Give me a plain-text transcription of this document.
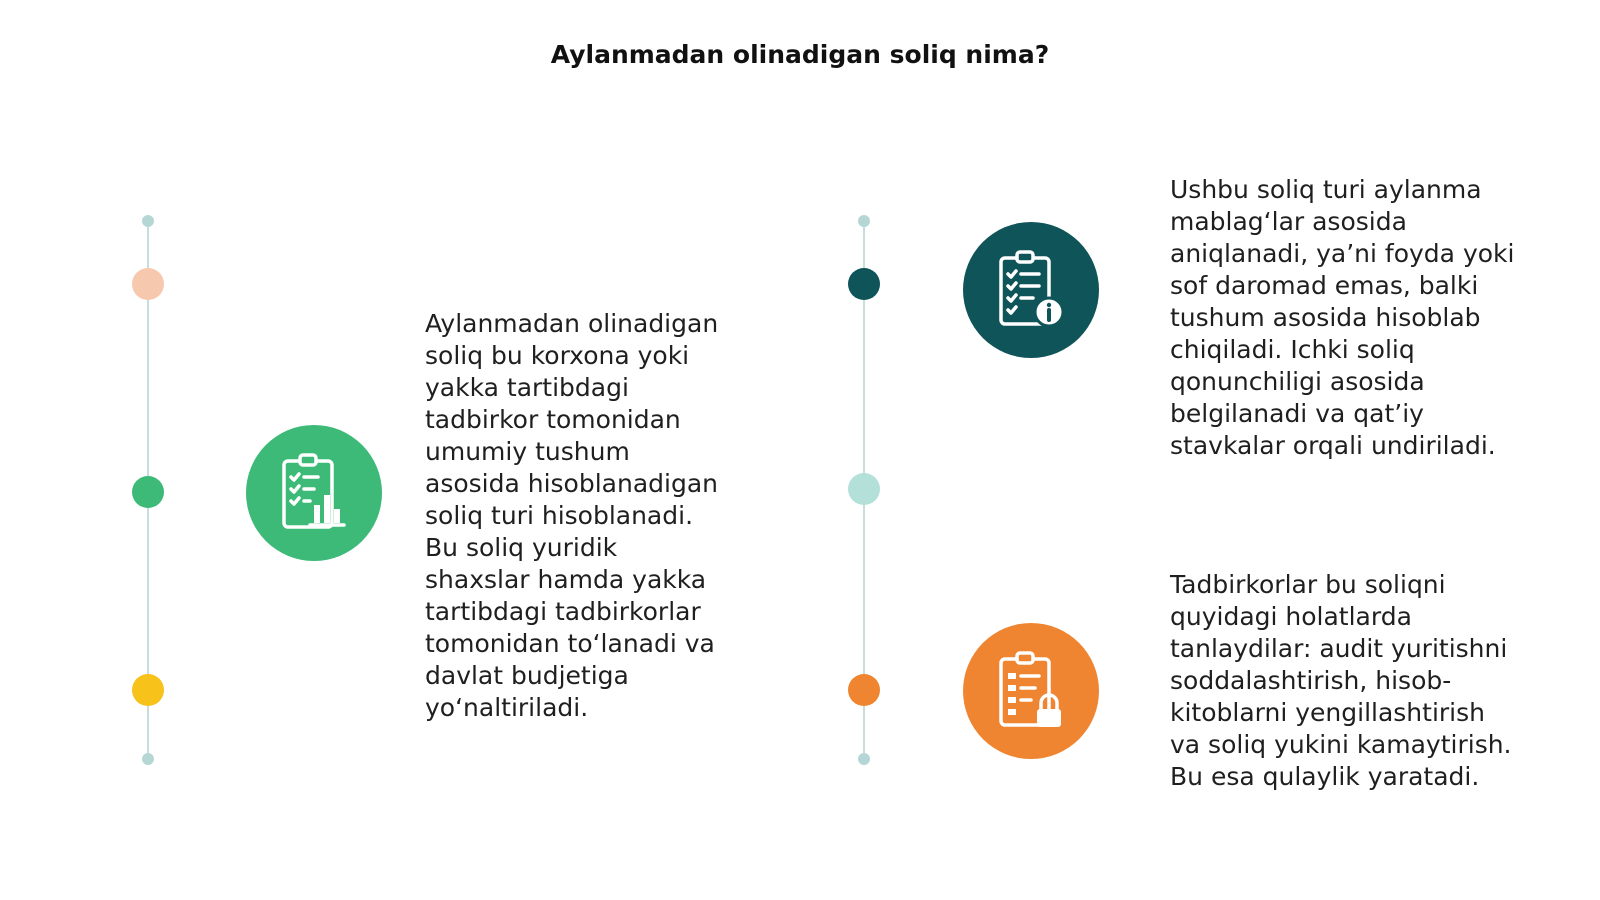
Aylanmadan olinadigan soliq nima?
Aylanmadan olinadigan
soliq bu korxona yoki
yakka tartibdagi
tadbirkor tomonidan
umumiy tushum
asosida hisoblanadigan
soliq turi hisoblanadi.
Bu soliq yuridik
shaxslar hamda yakka
tartibdagi tadbirkorlar
tomonidan to‘lanadi va
davlat budjetiga
yo‘naltiriladi.
Ushbu soliq turi aylanma
mablag‘lar asosida
aniqlanadi, ya’ni foyda yoki
sof daromad emas, balki
tushum asosida hisoblab
chiqiladi. Ichki soliq
qonunchiligi asosida
belgilanadi va qat’iy
stavkalar orqali undiriladi.
Tadbirkorlar bu soliqni
quyidagi holatlarda
tanlaydilar: audit yuritishni
soddalashtirish, hisob-
kitoblarni yengillashtirish
va soliq yukini kamaytirish.
Bu esa qulaylik yaratadi.
